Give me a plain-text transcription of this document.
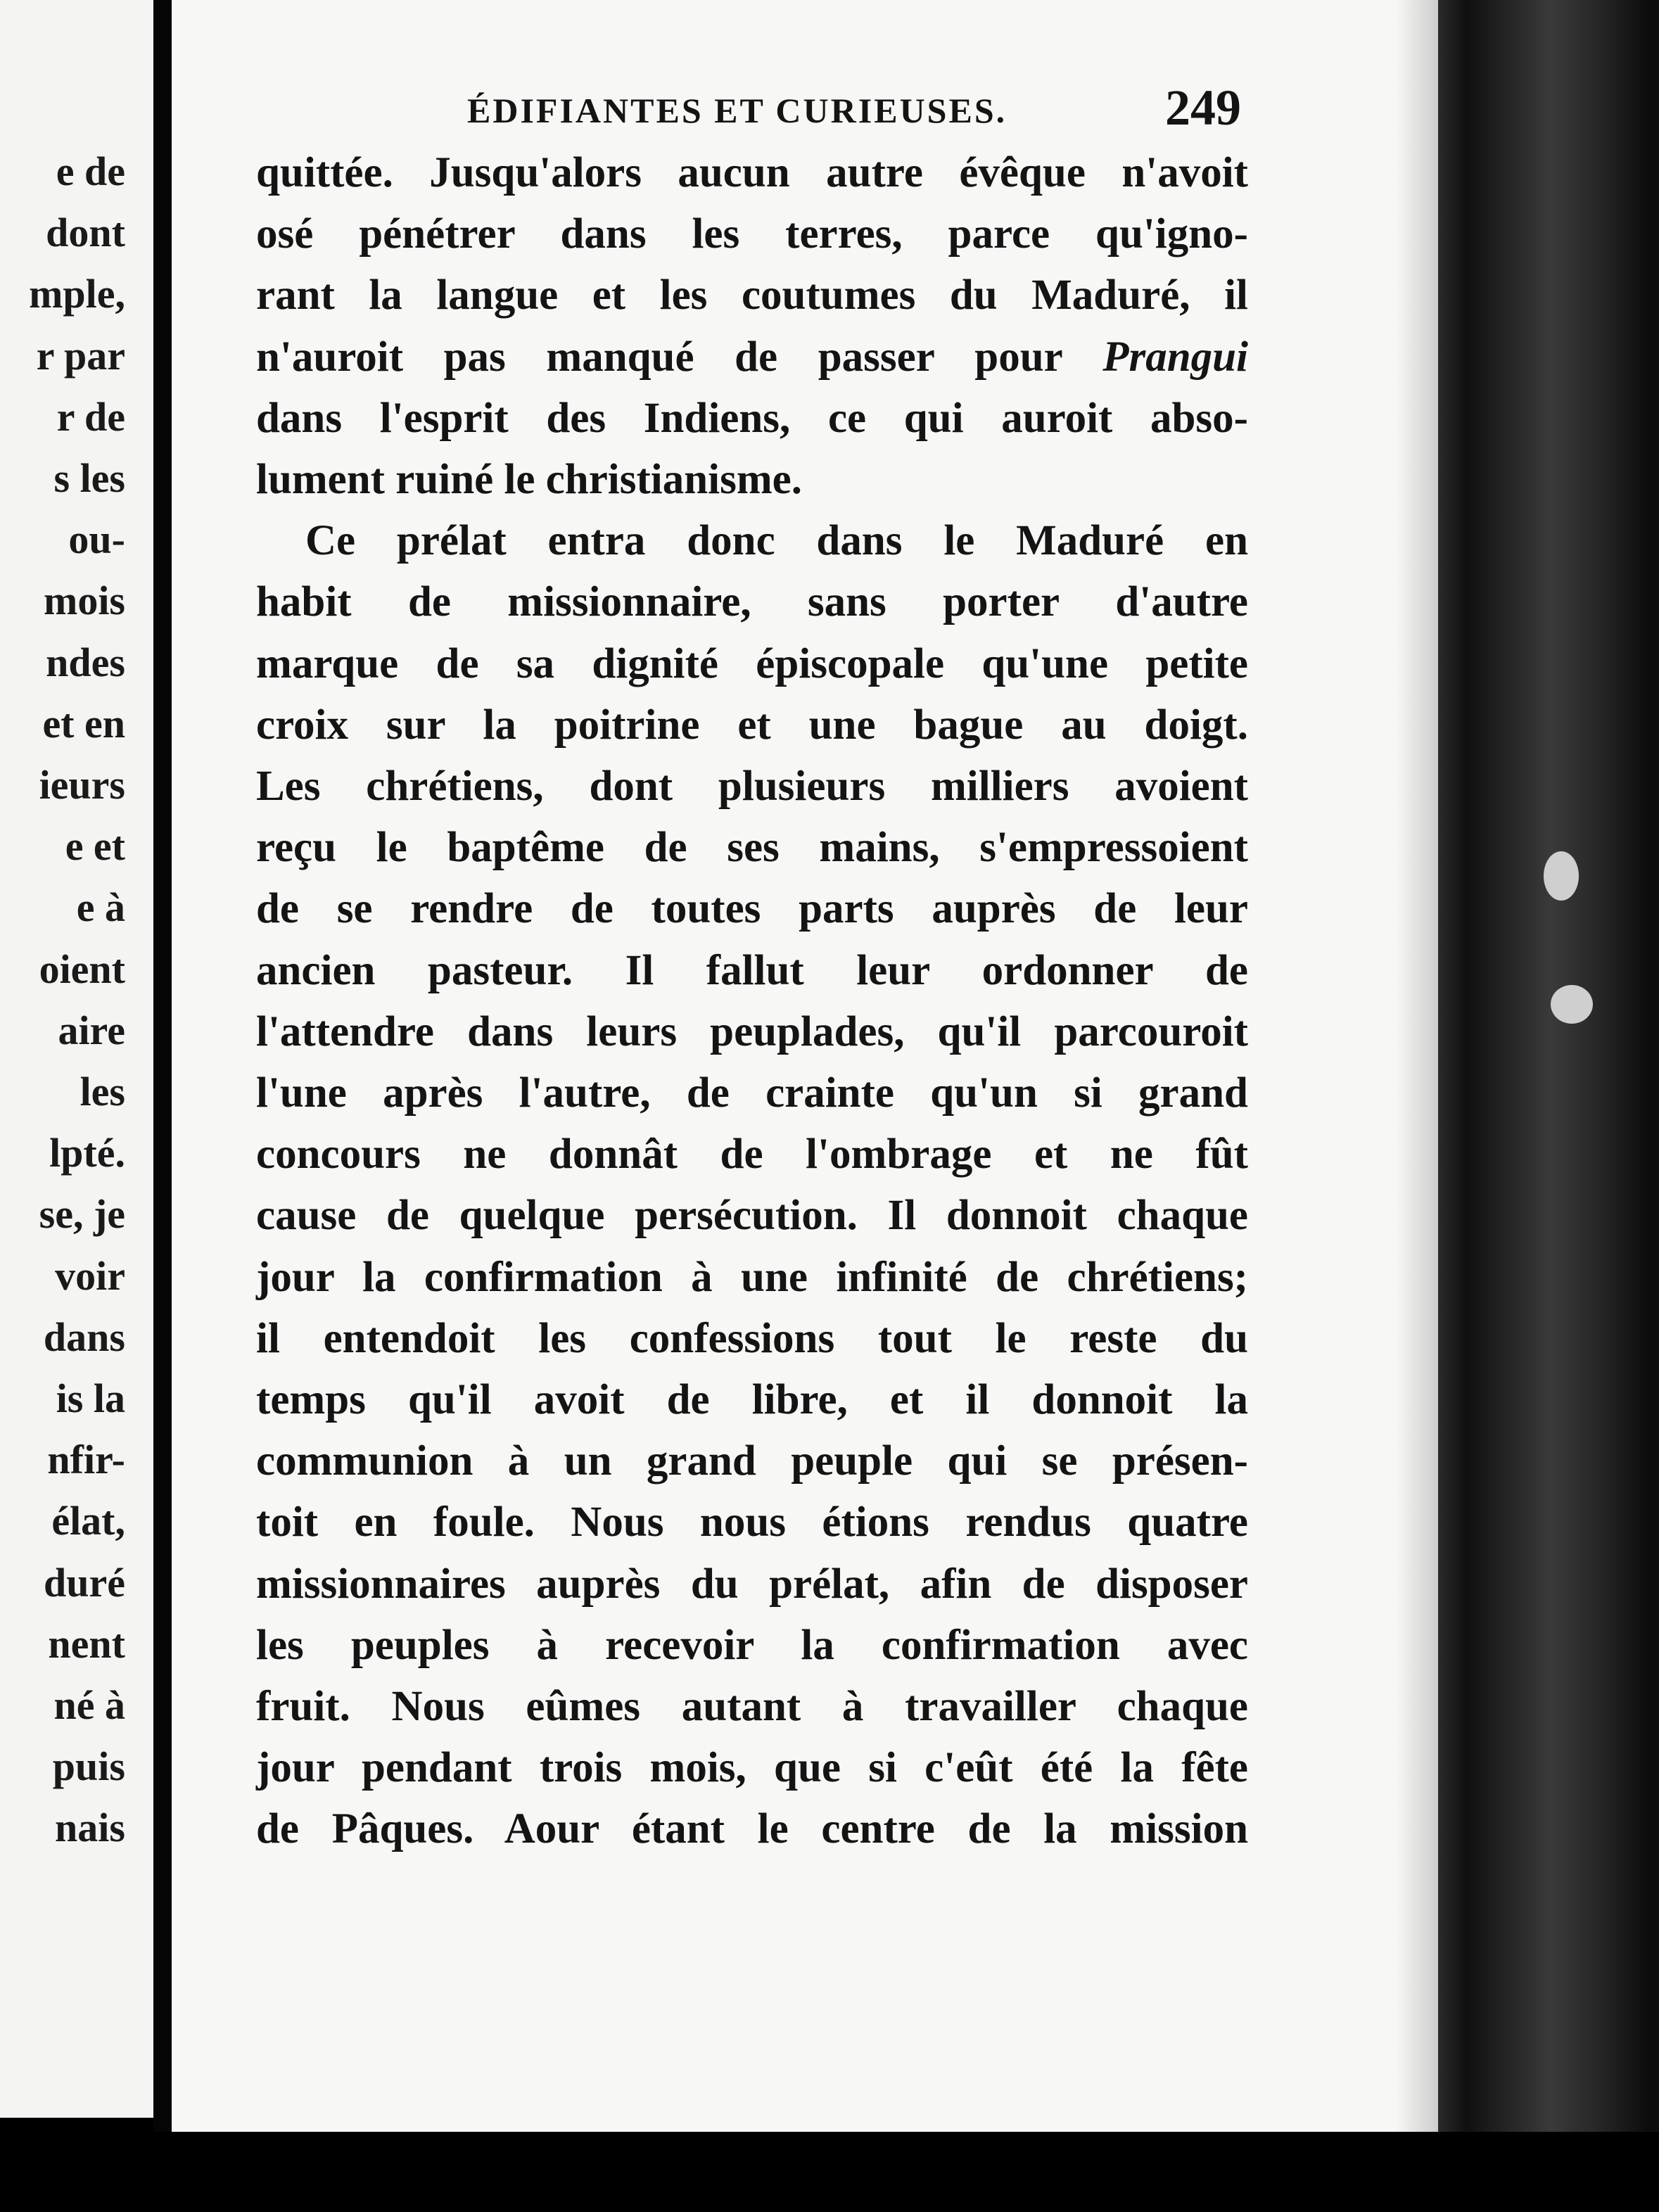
e de
dont
mple,
r par
r de
s les
ou-
mois
ndes
et en
ieurs
e et
e à
oient
aire
les
lpté.
se, je
voir
dans
is la
nfir-
élat,
duré
nent
né à
puis
nais
ÉDIFIANTES ET CURIEUSES.	249
quittée. Jusqu'alors aucun autre évêque n'avoit
osé pénétrer dans les terres, parce qu'igno-
rant la langue et les coutumes du Maduré, il
n'auroit pas manqué de passer pour Prangui
dans l'esprit des Indiens, ce qui auroit abso-
lument ruiné le christianisme.
Ce prélat entra donc dans le Maduré en
habit de missionnaire, sans porter d'autre
marque de sa dignité épiscopale qu'une petite
croix sur la poitrine et une bague au doigt.
Les chrétiens, dont plusieurs milliers avoient
reçu le baptême de ses mains, s'empressoient
de se rendre de toutes parts auprès de leur
ancien pasteur. Il fallut leur ordonner de
l'attendre dans leurs peuplades, qu'il parcouroit
l'une après l'autre, de crainte qu'un si grand
concours ne donnât de l'ombrage et ne fût
cause de quelque persécution. Il donnoit chaque
jour la confirmation à une infinité de chrétiens;
il entendoit les confessions tout le reste du
temps qu'il avoit de libre, et il donnoit la
communion à un grand peuple qui se présen-
toit en foule. Nous nous étions rendus quatre
missionnaires auprès du prélat, afin de disposer
les peuples à recevoir la confirmation avec
fruit. Nous eûmes autant à travailler chaque
jour pendant trois mois, que si c'eût été la fête
de Pâques. Aour étant le centre de la mission
